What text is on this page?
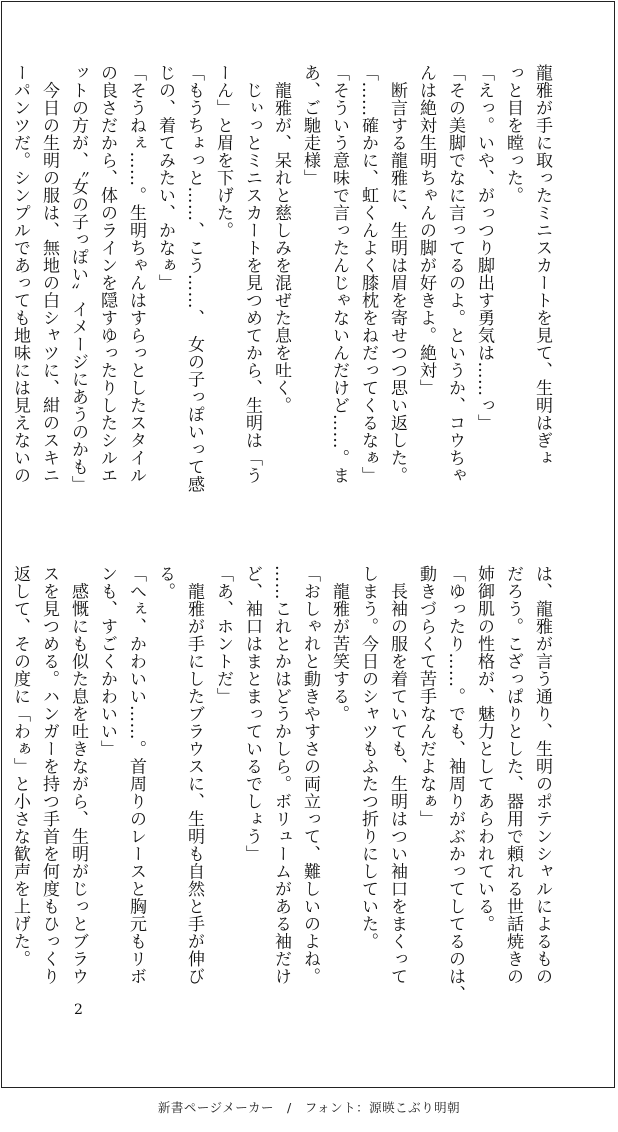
龍雅が手に取ったミニスカートを見て、生明はぎょ
っと目を瞠った。
「えっ。いや、がっつり脚出す勇気は……っ」
「その美脚でなに言ってるのよ。というか、コウちゃ
んは絶対生明ちゃんの脚が好きよ。絶対」
　断言する龍雅に、生明は眉を寄せつつ思い返した。
「……確かに、虹くんよく膝枕をねだってくるなぁ」
「そういう意味で言ったんじゃないんだけど……。ま
あ、ご馳走様」
　龍雅が、呆れと慈しみを混ぜた息を吐く。
　じぃっとミニスカートを見つめてから、生明は「う
ーん」と眉を下げた。
「もうちょっと……、こう……、　女の子っぽいって感
じの、着てみたい、かなぁ」
「そうねぇ……。生明ちゃんはすらっとしたスタイル
の良さだから、体のラインを隠すゆったりしたシルエ
ットの方が、〝女の子っぽい〟イメージにあうのかも」
　今日の生明の服は、無地の白シャツに、紺のスキニ
ーパンツだ。シンプルであっても地味には見えないの
は、龍雅が言う通り、生明のポテンシャルによるもの
だろう。こざっぱりとした、器用で頼れる世話焼きの
姉御肌の性格が、魅力としてあらわれている。
「ゆったり……。でも、袖周りがぶかってしてるのは、
動きづらくて苦手なんだよなぁ」
　長袖の服を着ていても、生明はつい袖口をまくって
しまう。今日のシャツもふたつ折りにしていた。
　龍雅が苦笑する。
「おしゃれと動きやすさの両立って、難しいのよね。
……これとかはどうかしら。ボリュームがある袖だけ
ど、袖口はまとまっているでしょう」
「あ、ホントだ」
　龍雅が手にしたブラウスに、生明も自然と手が伸び
る。
「へぇ、かわいい……。首周りのレースと胸元もリボ
ンも、すごくかわいい」
　感慨にも似た息を吐きながら、生明がじっとブラウ
スを見つめる。ハンガーを持つ手首を何度もひっくり
返して、その度に「わぁ」と小さな歓声を上げた。
2
新書ページメーカー　/　フォント：源暎こぶり明朝
